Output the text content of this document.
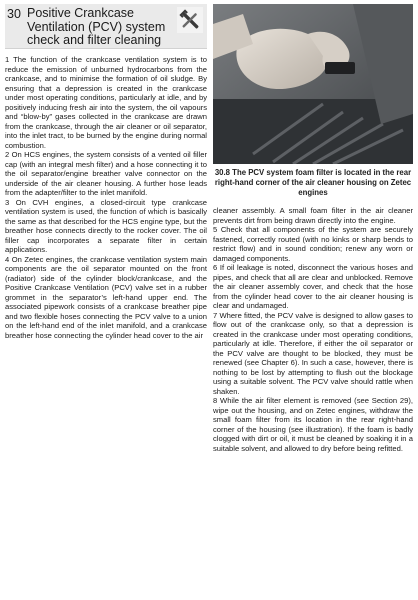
30 Positive Crankcase Ventilation (PCV) system check and filter cleaning

1 The function of the crankcase ventilation system is to reduce the emission of unburned hydrocarbons from the crankcase, and to minimise the formation of oil sludge. By ensuring that a depression is created in the crankcase under most operating conditions, particularly at idle, and by positively inducing fresh air into the system, the oil vapours and “blow-by” gases collected in the crankcase are drawn from the crankcase, through the air cleaner or oil separator, into the inlet tract, to be burned by the engine during normal combustion.

2 On HCS engines, the system consists of a vented oil filler cap (with an integral mesh filter) and a hose connecting it to the oil separator/engine breather valve connector on the underside of the air cleaner housing. A further hose leads from the adapter/filter to the inlet manifold.

3 On CVH engines, a closed-circuit type crankcase ventilation system is used, the function of which is basically the same as that described for the HCS engine type, but the breather hose connects directly to the rocker cover. The oil filler cap incorporates a separate filter in certain applications.

4 On Zetec engines, the crankcase ventilation system main components are the oil separator mounted on the front (radiator) side of the cylinder block/crankcase, and the Positive Crankcase Ventilation (PCV) valve set in a rubber grommet in the separator’s left-hand upper end. The associated pipework consists of a crankcase breather pipe and two flexible hoses connecting the PCV valve to a union on the left-hand end of the inlet manifold, and a crankcase breather hose connecting the cylinder head cover to the air

30.8 The PCV system foam filter is located in the rear right-hand corner of the air cleaner housing on Zetec engines

cleaner assembly. A small foam filter in the air cleaner prevents dirt from being drawn directly into the engine.

5 Check that all components of the system are securely fastened, correctly routed (with no kinks or sharp bends to restrict flow) and in sound condition; renew any worn or damaged components.

6 If oil leakage is noted, disconnect the various hoses and pipes, and check that all are clear and unblocked. Remove the air cleaner assembly cover, and check that the hose from the cylinder head cover to the air cleaner housing is clear and undamaged.

7 Where fitted, the PCV valve is designed to allow gases to flow out of the crankcase only, so that a depression is created in the crankcase under most operating conditions, particularly at idle. Therefore, if either the oil separator or the PCV valve are thought to be blocked, they must be renewed (see Chapter 6). In such a case, however, there is nothing to be lost by attempting to flush out the blockage using a suitable solvent. The PCV valve should rattle when shaken.

8 While the air filter element is removed (see Section 29), wipe out the housing, and on Zetec engines, withdraw the small foam filter from its location in the rear right-hand corner of the housing (see illustration). If the foam is badly clogged with dirt or oil, it must be cleaned by soaking it in a suitable solvent, and allowed to dry before being refitted.
